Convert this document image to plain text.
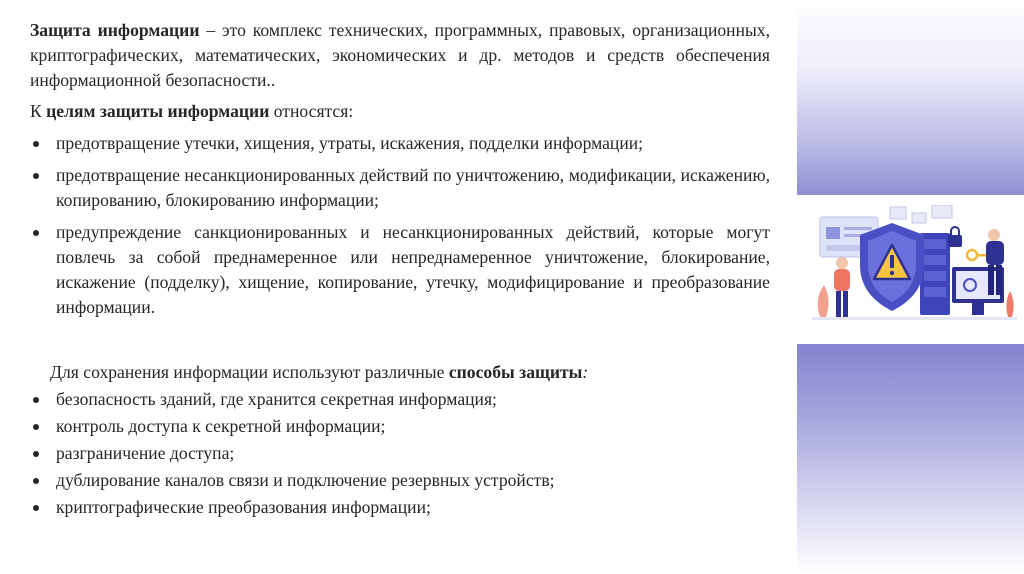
Защита информации – это комплекс технических, программных, правовых, организационных, криптографических, математических, экономических и др. методов и средств обеспечения информационной безопасности..

К целям защиты информации относятся:

предотвращение утечки, хищения, утраты, искажения, подделки информации;
предотвращение несанкционированных действий по уничтожению, модификации, искажению, копированию, блокированию информации;
предупреждение санкционированных и несанкционированных действий, которые могут повлечь за собой преднамеренное или непреднамеренное уничтожение, блокирование, искажение (подделку), хищение, копирование, утечку, модифицирование и преобразование информации.

Для сохранения информации используют различные способы защиты:

безопасность зданий, где хранится секретная информация;
контроль доступа к секретной информации;
разграничение доступа;
дублирование каналов связи и подключение резервных устройств;
криптографические преобразования информации;
